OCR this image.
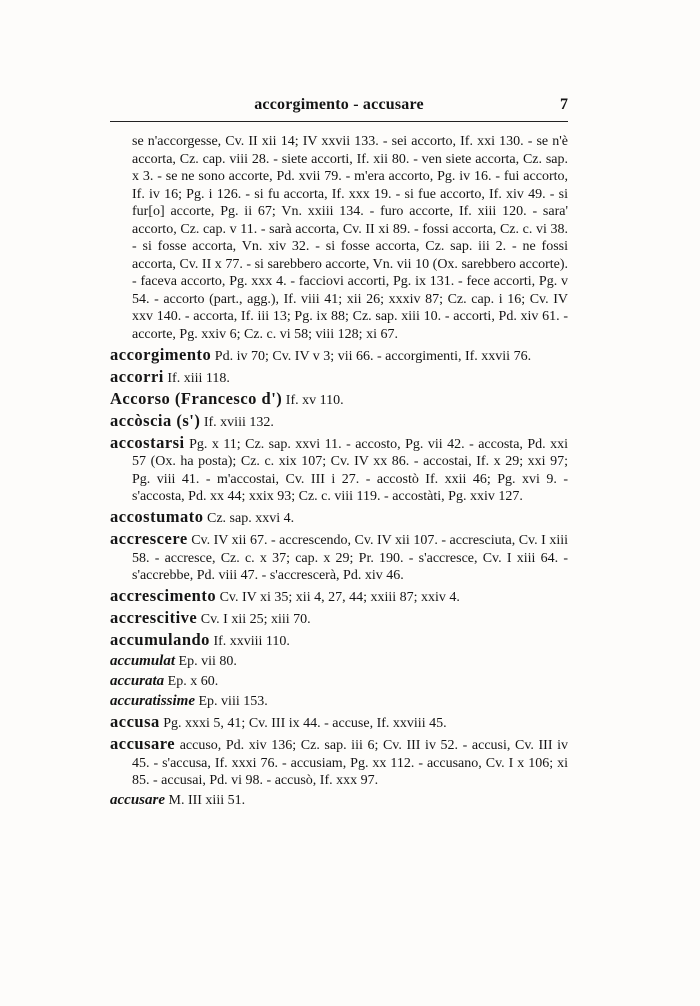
accorgimento - accusare	7
se n'accorgesse, Cv. II xii 14; IV xxvii 133. - sei accorto, If. xxi 130. - se n'è accorta, Cz. cap. viii 28. - siete accorti, If. xii 80. - ven siete accorta, Cz. sap. x 3. - se ne sono accorte, Pd. xvii 79. - m'era accorto, Pg. iv 16. - fui accorto, If. iv 16; Pg. i 126. - si fu accorta, If. xxx 19. - si fue accorto, If. xiv 49. - si fur[o] accorte, Pg. ii 67; Vn. xxiii 134. - furo accorte, If. xiii 120. - sara' accorto, Cz. cap. v 11. - sarà accorta, Cv. II xi 89. - fossi accorta, Cz. c. vi 38. - si fosse accorta, Vn. xiv 32. - si fosse accorta, Cz. sap. iii 2. - ne fossi accorta, Cv. II x 77. - si sarebbero accorte, Vn. vii 10 (Ox. sarebbero accorte). - faceva accorto, Pg. xxx 4. - facciovi accorti, Pg. ix 131. - fece accorti, Pg. v 54. - accorto (part., agg.), If. viii 41; xii 26; xxxiv 87; Cz. cap. i 16; Cv. IV xxv 140. - accorta, If. iii 13; Pg. ix 88; Cz. sap. xiii 10. - accorti, Pd. xiv 61. - accorte, Pg. xxiv 6; Cz. c. vi 58; viii 128; xi 67.
accorgimento Pd. iv 70; Cv. IV v 3; vii 66. - accorgimenti, If. xxvii 76.
accorri If. xiii 118.
Accorso (Francesco d') If. xv 110.
accòscia (s') If. xviii 132.
accostarsi Pg. x 11; Cz. sap. xxvi 11. - accosto, Pg. vii 42. - accosta, Pd. xxi 57 (Ox. ha posta); Cz. c. xix 107; Cv. IV xx 86. - accostai, If. x 29; xxi 97; Pg. viii 41. - m'accostai, Cv. III i 27. - accostò If. xxii 46; Pg. xvi 9. - s'accosta, Pd. xx 44; xxix 93; Cz. c. viii 119. - accostàti, Pg. xxiv 127.
accostumato Cz. sap. xxvi 4.
accrescere Cv. IV xii 67. - accrescendo, Cv. IV xii 107. - accresciuta, Cv. I xiii 58. - accresce, Cz. c. x 37; cap. x 29; Pr. 190. - s'accresce, Cv. I xiii 64. - s'accrebbe, Pd. viii 47. - s'accrescerà, Pd. xiv 46.
accrescimento Cv. IV xi 35; xii 4, 27, 44; xxiii 87; xxiv 4.
accrescitive Cv. I xii 25; xiii 70.
accumulando If. xxviii 110.
accumulat Ep. vii 80.
accurata Ep. x 60.
accuratissime Ep. viii 153.
accusa Pg. xxxi 5, 41; Cv. III ix 44. - accuse, If. xxviii 45.
accusare accuso, Pd. xiv 136; Cz. sap. iii 6; Cv. III iv 52. - accusi, Cv. III iv 45. - s'accusa, If. xxxi 76. - accusiam, Pg. xx 112. - accusano, Cv. I x 106; xi 85. - accusai, Pd. vi 98. - accusò, If. xxx 97.
accusare M. III xiii 51.
